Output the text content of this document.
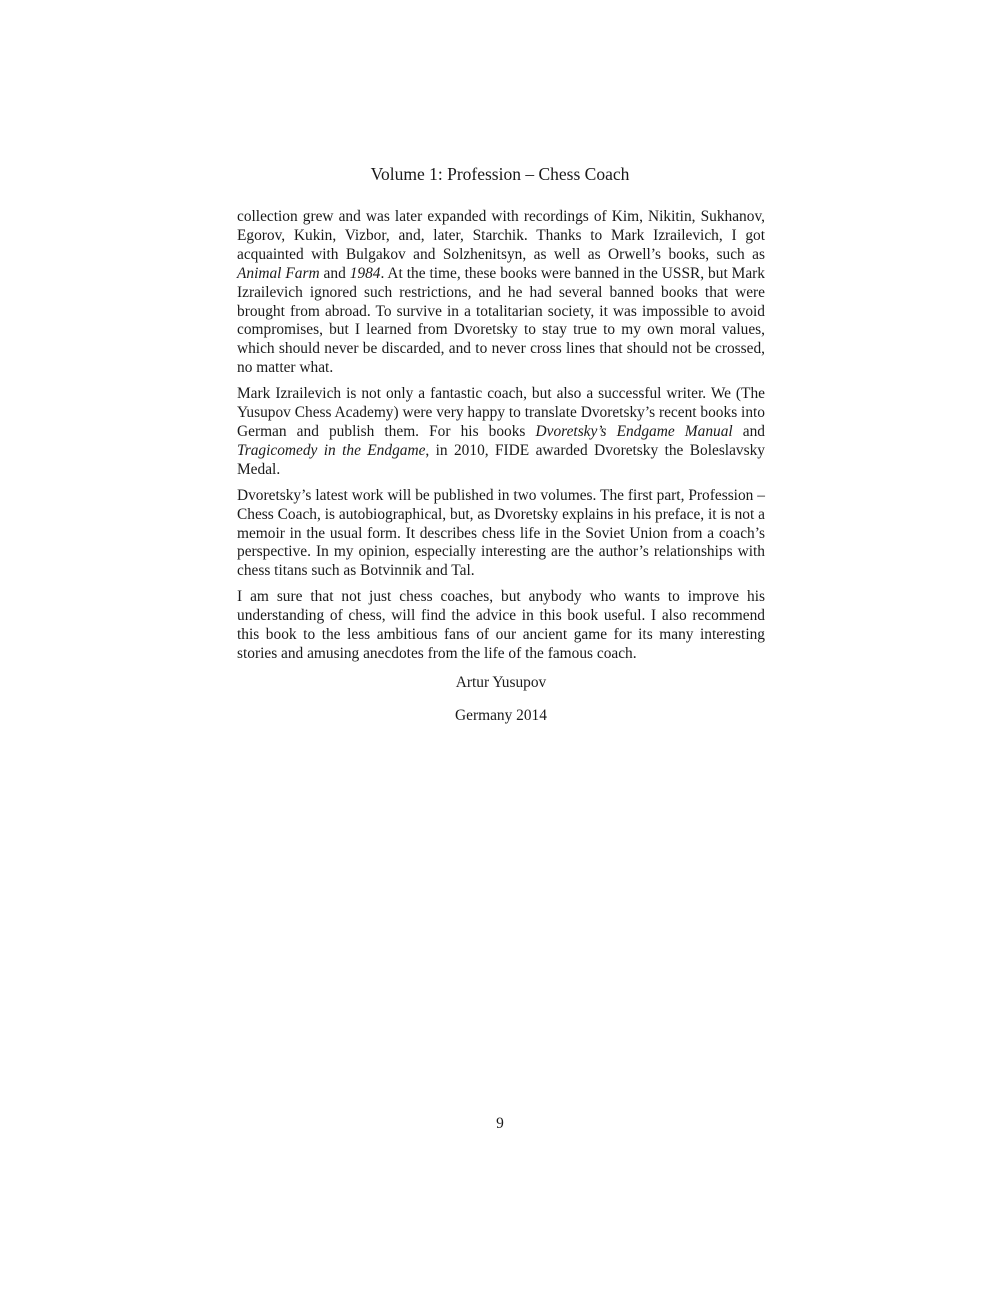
Volume 1: Profession – Chess Coach

collection grew and was later expanded with recordings of Kim, Nikitin, Sukhanov, Egorov, Kukin, Vizbor, and, later, Starchik. Thanks to Mark Izrailevich, I got acquainted with Bulgakov and Solzhenitsyn, as well as Orwell’s books, such as Animal Farm and 1984. At the time, these books were banned in the USSR, but Mark Izrailevich ignored such restrictions, and he had several banned books that were brought from abroad. To survive in a totalitarian society, it was impossible to avoid compromises, but I learned from Dvoretsky to stay true to my own moral values, which should never be discarded, and to never cross lines that should not be crossed, no matter what.

Mark Izrailevich is not only a fantastic coach, but also a successful writer. We (The Yusupov Chess Academy) were very happy to translate Dvoretsky’s recent books into German and publish them. For his books Dvoretsky’s Endgame Manual and Tragicomedy in the Endgame, in 2010, FIDE awarded Dvoretsky the Boleslavsky Medal.

Dvoretsky’s latest work will be published in two volumes. The first part, Profession – Chess Coach, is autobiographical, but, as Dvoretsky explains in his preface, it is not a memoir in the usual form. It describes chess life in the Soviet Union from a coach’s perspective. In my opinion, especially interesting are the author’s relationships with chess titans such as Botvinnik and Tal.

I am sure that not just chess coaches, but anybody who wants to improve his understanding of chess, will find the advice in this book useful. I also recommend this book to the less ambitious fans of our ancient game for its many interesting stories and amusing anecdotes from the life of the famous coach.

Artur Yusupov

Germany 2014

9
